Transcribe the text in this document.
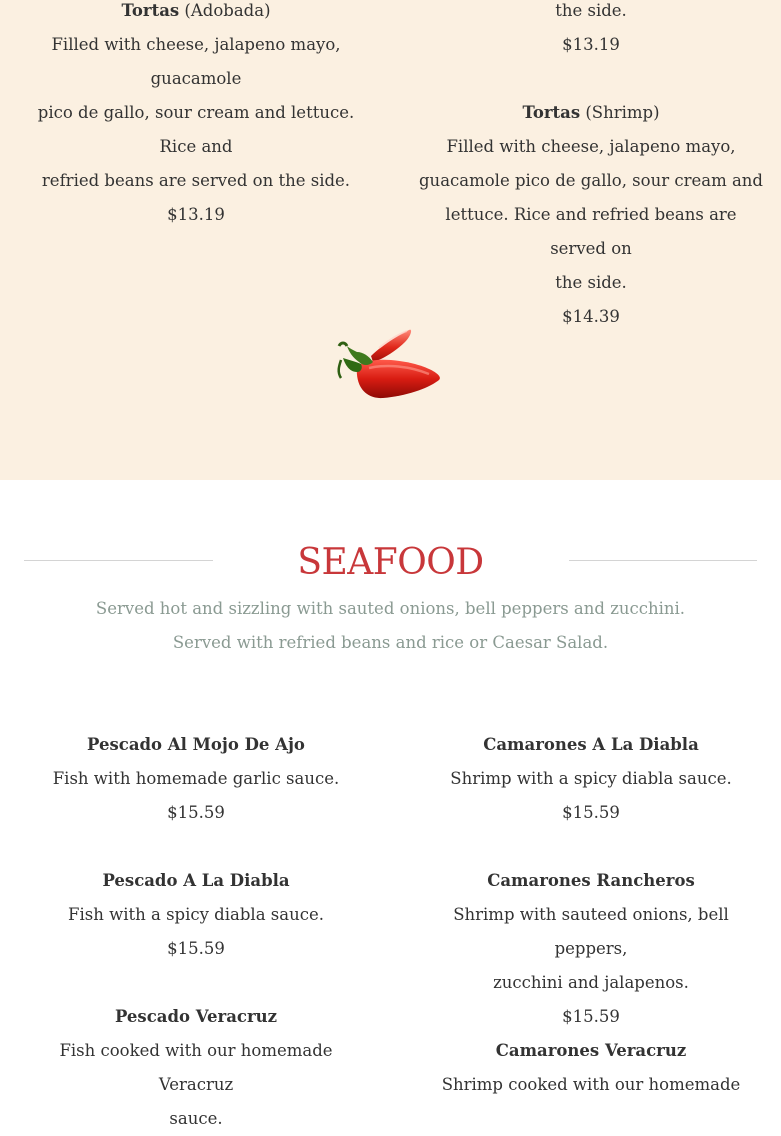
Tortas (Adobada)
Filled with cheese, jalapeno mayo, guacamole
pico de gallo, sour cream and lettuce. Rice and
refried beans are served on the side.
$13.19
the side.
$13.19
Tortas (Shrimp)
Filled with cheese, jalapeno mayo,
guacamole pico de gallo, sour cream and
lettuce. Rice and refried beans are served on
the side.
$14.39
SEAFOOD
Served hot and sizzling with sauted onions, bell peppers and zucchini.
Served with refried beans and rice or Caesar Salad.
Pescado Al Mojo De Ajo
Fish with homemade garlic sauce.
$15.59
Camarones A La Diabla
Shrimp with a spicy diabla sauce.
$15.59
Pescado A La Diabla
Fish with a spicy diabla sauce.
$15.59
Camarones Rancheros
Shrimp with sauteed onions, bell peppers,
zucchini and jalapenos.
$15.59
Pescado Veracruz
Fish cooked with our homemade Veracruz
sauce.
Camarones Veracruz
Shrimp cooked with our homemade
